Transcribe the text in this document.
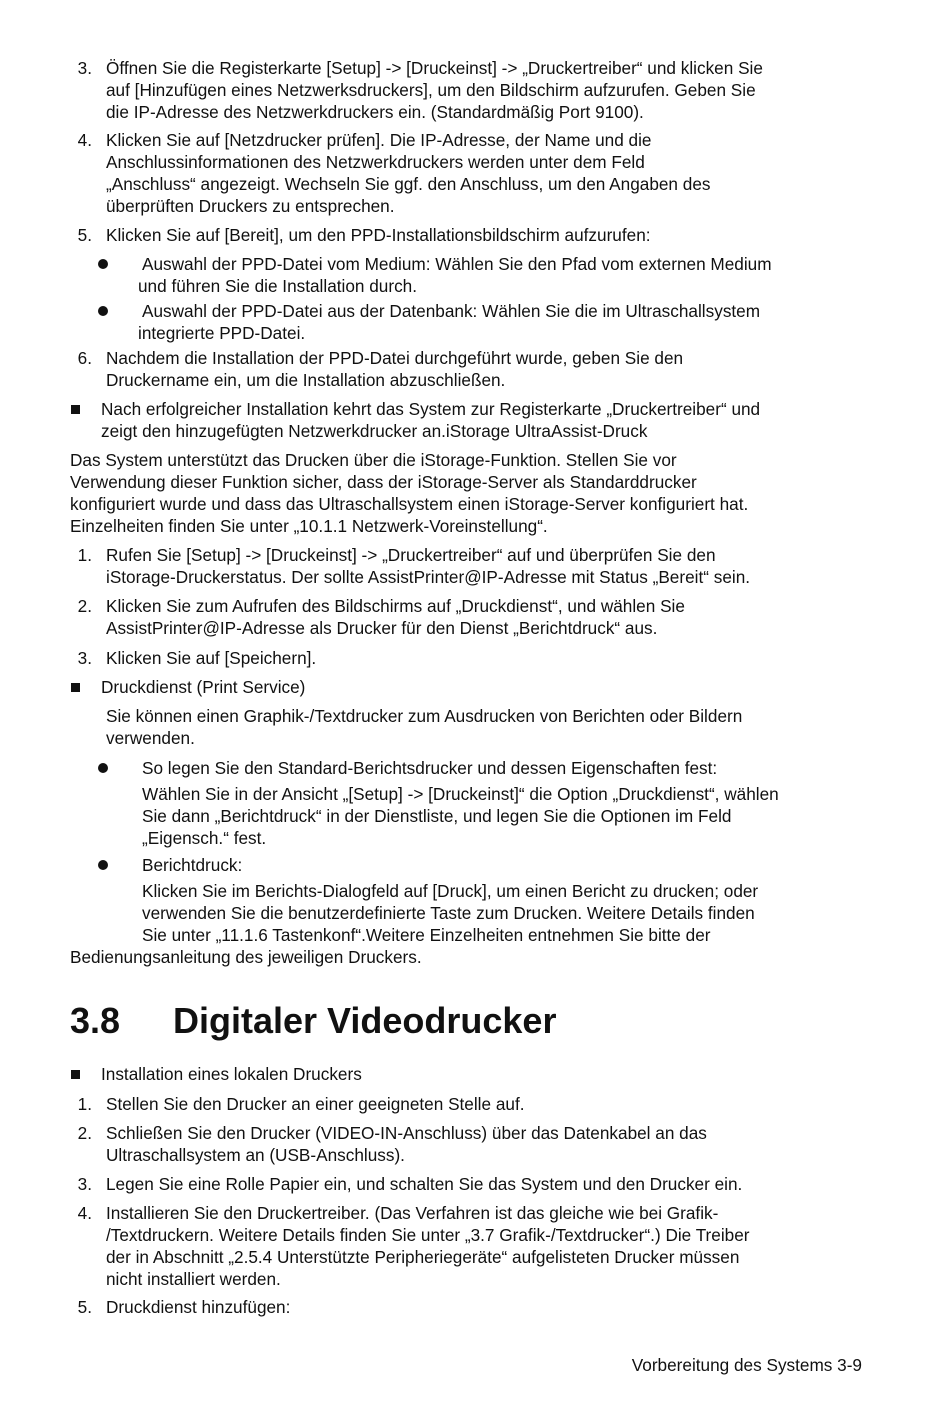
3. Öffnen Sie die Registerkarte [Setup] -> [Druckeinst] -> „Druckertreiber“ und klicken Sie
auf [Hinzufügen eines Netzwerksdruckers], um den Bildschirm aufzurufen. Geben Sie
die IP-Adresse des Netzwerkdruckers ein. (Standardmäßig Port 9100).
4. Klicken Sie auf [Netzdrucker prüfen]. Die IP-Adresse, der Name und die
Anschlussinformationen des Netzwerkdruckers werden unter dem Feld
„Anschluss“ angezeigt. Wechseln Sie ggf. den Anschluss, um den Angaben des
überprüften Druckers zu entsprechen.
5. Klicken Sie auf [Bereit], um den PPD-Installationsbildschirm aufzurufen:
Auswahl der PPD-Datei vom Medium: Wählen Sie den Pfad vom externen Medium
und führen Sie die Installation durch.
Auswahl der PPD-Datei aus der Datenbank: Wählen Sie die im Ultraschallsystem
integrierte PPD-Datei.
6. Nachdem die Installation der PPD-Datei durchgeführt wurde, geben Sie den
Druckername ein, um die Installation abzuschließen.
Nach erfolgreicher Installation kehrt das System zur Registerkarte „Druckertreiber“ und
zeigt den hinzugefügten Netzwerkdrucker an.iStorage UltraAssist-Druck
Das System unterstützt das Drucken über die iStorage-Funktion. Stellen Sie vor
Verwendung dieser Funktion sicher, dass der iStorage-Server als Standarddrucker
konfiguriert wurde und dass das Ultraschallsystem einen iStorage-Server konfiguriert hat.
Einzelheiten finden Sie unter „10.1.1 Netzwerk-Voreinstellung“.
1. Rufen Sie [Setup] -> [Druckeinst] -> „Druckertreiber“ auf und überprüfen Sie den
iStorage-Druckerstatus. Der sollte AssistPrinter@IP-Adresse mit Status „Bereit“ sein.
2. Klicken Sie zum Aufrufen des Bildschirms auf „Druckdienst“, und wählen Sie
AssistPrinter@IP-Adresse als Drucker für den Dienst „Berichtdruck“ aus.
3. Klicken Sie auf [Speichern].
Druckdienst (Print Service)
Sie können einen Graphik-/Textdrucker zum Ausdrucken von Berichten oder Bildern
verwenden.
So legen Sie den Standard-Berichtsdrucker und dessen Eigenschaften fest:
Wählen Sie in der Ansicht „[Setup] -> [Druckeinst]“ die Option „Druckdienst“, wählen
Sie dann „Berichtdruck“ in der Dienstliste, und legen Sie die Optionen im Feld
„Eigensch.“ fest.
Berichtdruck:
Klicken Sie im Berichts-Dialogfeld auf [Druck], um einen Bericht zu drucken; oder
verwenden Sie die benutzerdefinierte Taste zum Drucken. Weitere Details finden
Sie unter „11.1.6 Tastenkonf“.Weitere Einzelheiten entnehmen Sie bitte der
Bedienungsanleitung des jeweiligen Druckers.
Installation eines lokalen Druckers
1. Stellen Sie den Drucker an einer geeigneten Stelle auf.
2. Schließen Sie den Drucker (VIDEO-IN-Anschluss) über das Datenkabel an das
Ultraschallsystem an (USB-Anschluss).
3. Legen Sie eine Rolle Papier ein, und schalten Sie das System und den Drucker ein.
4. Installieren Sie den Druckertreiber. (Das Verfahren ist das gleiche wie bei Grafik-
/Textdruckern. Weitere Details finden Sie unter „3.7 Grafik-/Textdrucker“.) Die Treiber
der in Abschnitt „2.5.4 Unterstützte Peripheriegeräte“ aufgelisteten Drucker müssen
nicht installiert werden.
5. Druckdienst hinzufügen:
3.8 Digitaler Videodrucker
Vorbereitung des Systems 3-9
